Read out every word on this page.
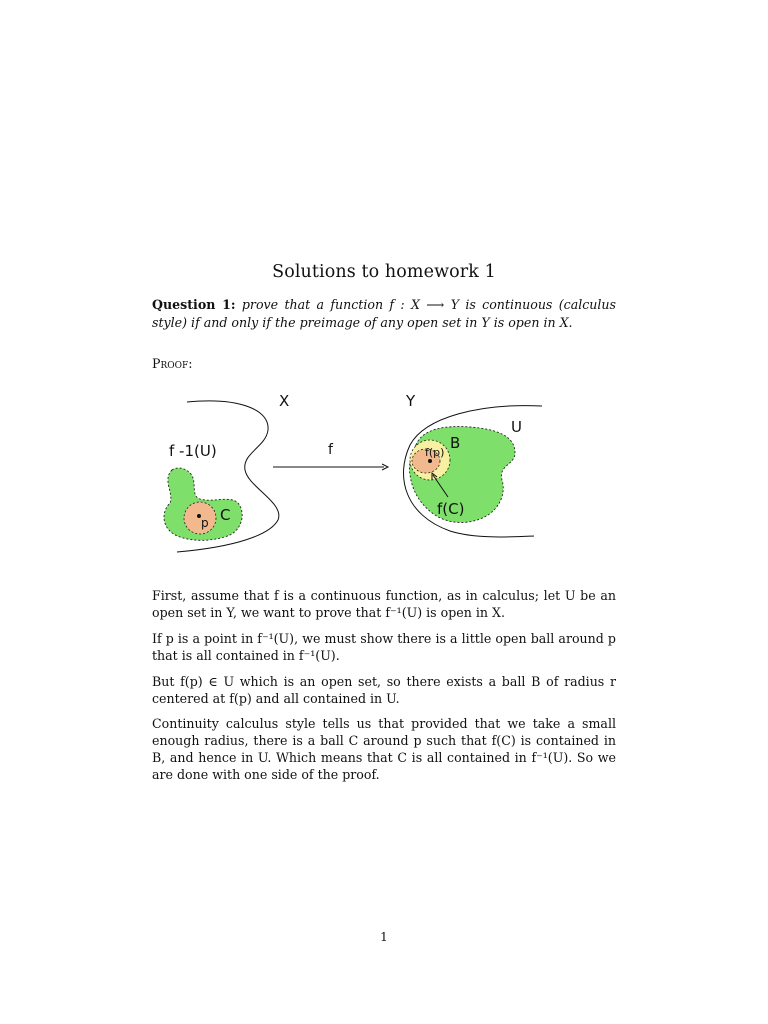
Solutions to homework 1
Question 1: prove that a function f : X ⟶ Y is continuous (calculus style) if and only if the preimage of any open set in Y is open in X.
Proof:
X	Y
U
f -1(U)	f	B
f(p)
C
p
f(C)

First, assume that f is a continuous function, as in calculus; let U be an open set in Y, we want to prove that f⁻¹(U) is open in X.

If p is a point in f⁻¹(U), we must show there is a little open ball around p that is all contained in f⁻¹(U).

But f(p) ∈ U which is an open set, so there exists a ball B of radius r centered at f(p) and all contained in U.

Continuity calculus style tells us that provided that we take a small enough radius, there is a ball C around p such that f(C) is contained in B, and hence in U. Which means that C is all contained in f⁻¹(U). So we are done with one side of the proof.

1
